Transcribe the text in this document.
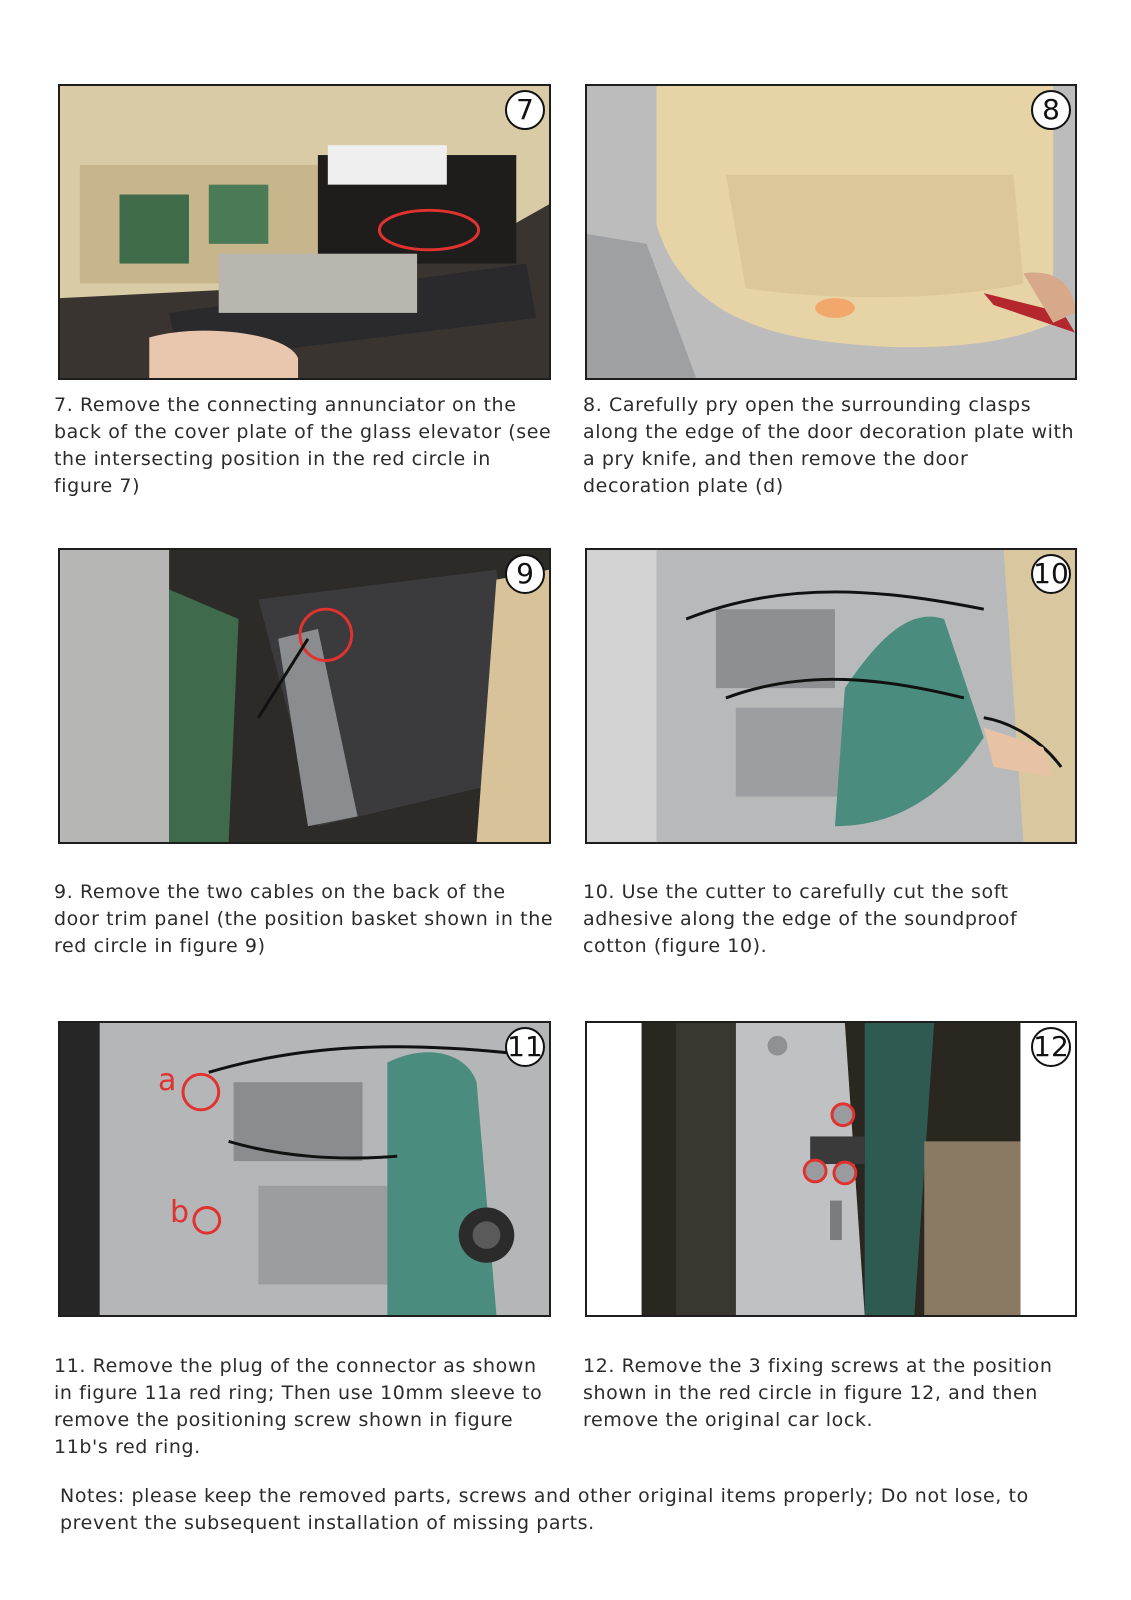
7

7. Remove the connecting annunciator on the back of the cover plate of the glass elevator (see the intersecting position in the red circle in figure 7)

8

8. Carefully pry open the surrounding clasps along the edge of the door decoration plate with a pry knife, and then remove the door decoration plate (d)

9

9. Remove the two cables on the back of the door trim panel (the position basket shown in the red circle in figure 9)

10

10. Use the cutter to carefully cut the soft adhesive along the edge of the soundproof cotton (figure 10).

a
b
11

11. Remove the plug of the connector as shown in figure 11a red ring; Then use 10mm sleeve to remove the positioning screw shown in figure 11b's red ring.

12

12. Remove the 3 fixing screws at the position shown in the red circle in figure 12, and then remove the original car lock.

Notes: please keep the removed parts, screws and other original items properly; Do not lose, to prevent the subsequent installation of missing parts.
